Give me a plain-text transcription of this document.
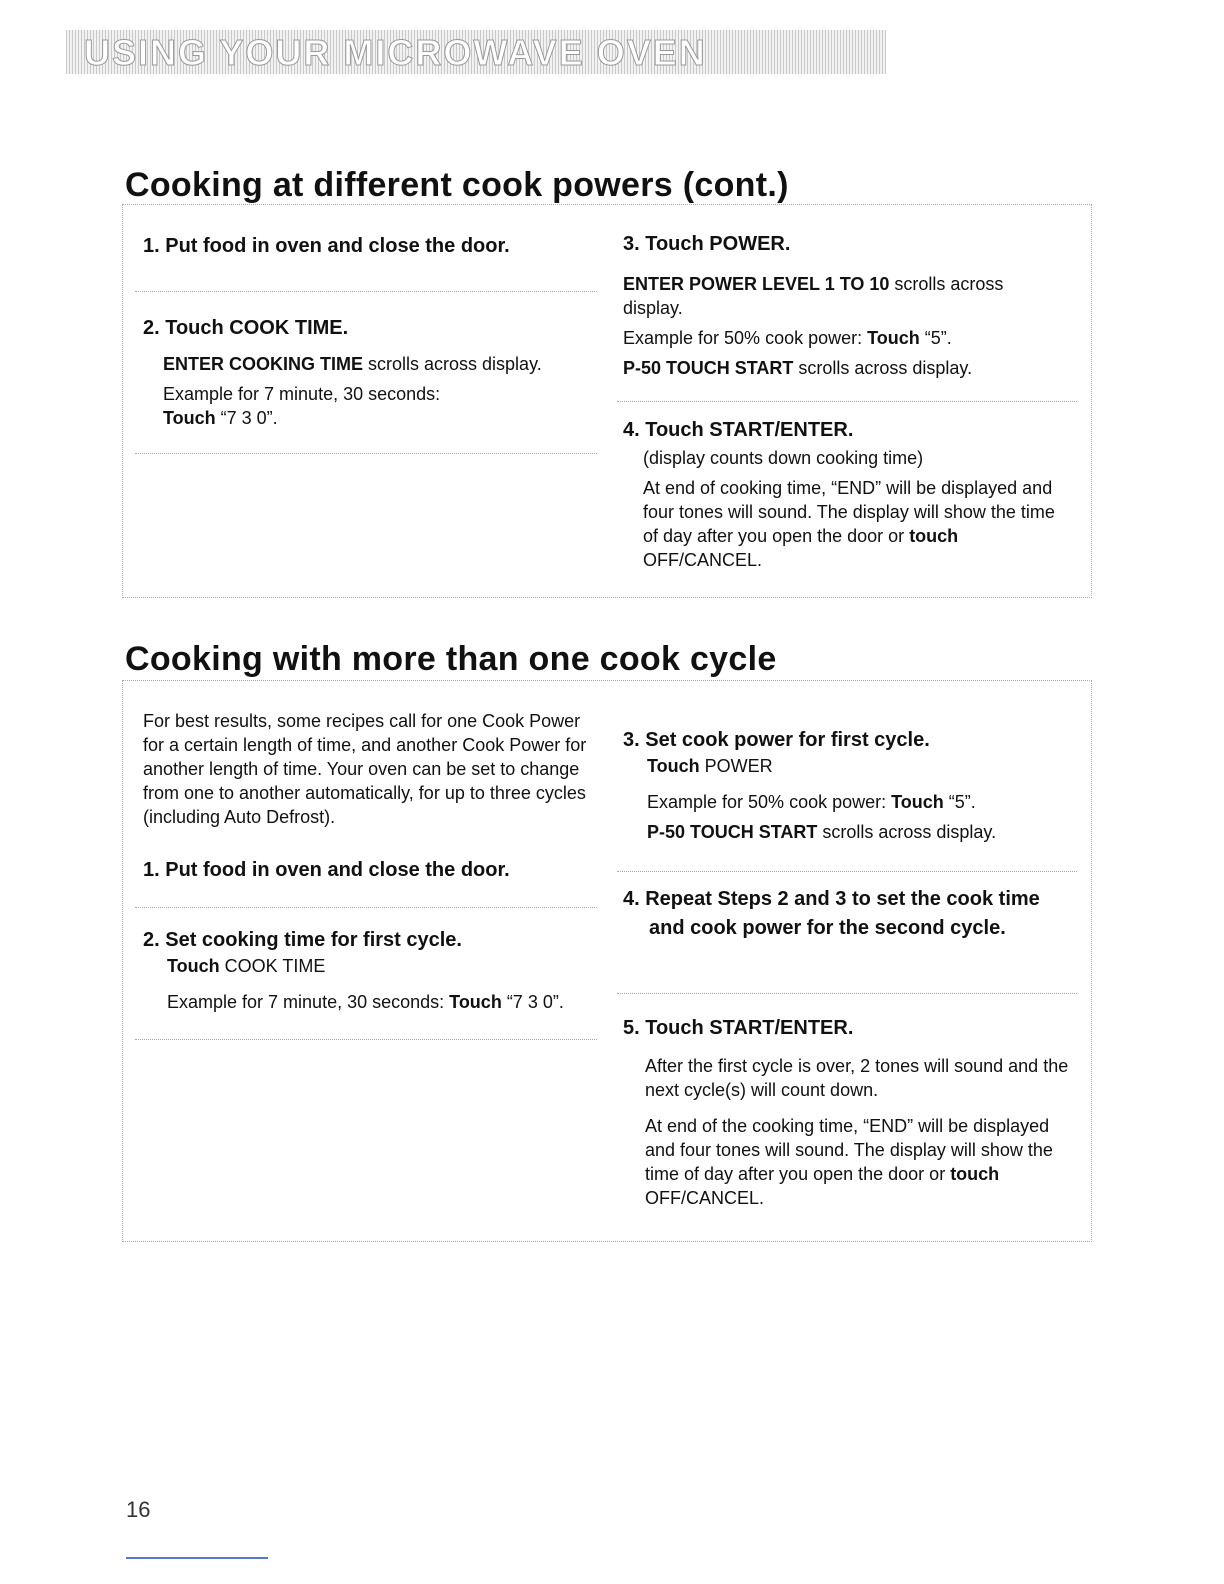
USING YOUR MICROWAVE OVEN
Cooking at different cook powers (cont.)

1. Put food in oven and close the door.

2. Touch COOK TIME.

ENTER COOKING TIME scrolls across display.

Example for 7 minute, 30 seconds:

Touch “7 3 0”.

3. Touch POWER.

ENTER POWER LEVEL 1 TO 10 scrolls across display.

Example for 50% cook power: Touch “5”.

P-50 TOUCH START scrolls across display.

4. Touch START/ENTER.

(display counts down cooking time)

At end of cooking time, “END” will be displayed and four tones will sound. The display will show the time of day after you open the door or touch OFF/CANCEL.

Cooking with more than one cook cycle

For best results, some recipes call for one Cook Power for a certain length of time, and another Cook Power for another length of time. Your oven can be set to change from one to another automatically, for up to three cycles (including Auto Defrost).

1. Put food in oven and close the door.

2. Set cooking time for first cycle.

Touch COOK TIME

Example for 7 minute, 30 seconds: Touch “7 3 0”.

3. Set cook power for first cycle.

Touch POWER

Example for 50% cook power: Touch “5”.

P-50 TOUCH START scrolls across display.

4. Repeat Steps 2 and 3 to set the cook time and cook power for the second cycle.

5. Touch START/ENTER.

After the first cycle is over, 2 tones will sound and the next cycle(s) will count down.

At end of the cooking time, “END” will be displayed and four tones will sound. The display will show the time of day after you open the door or touch OFF/CANCEL.

16
